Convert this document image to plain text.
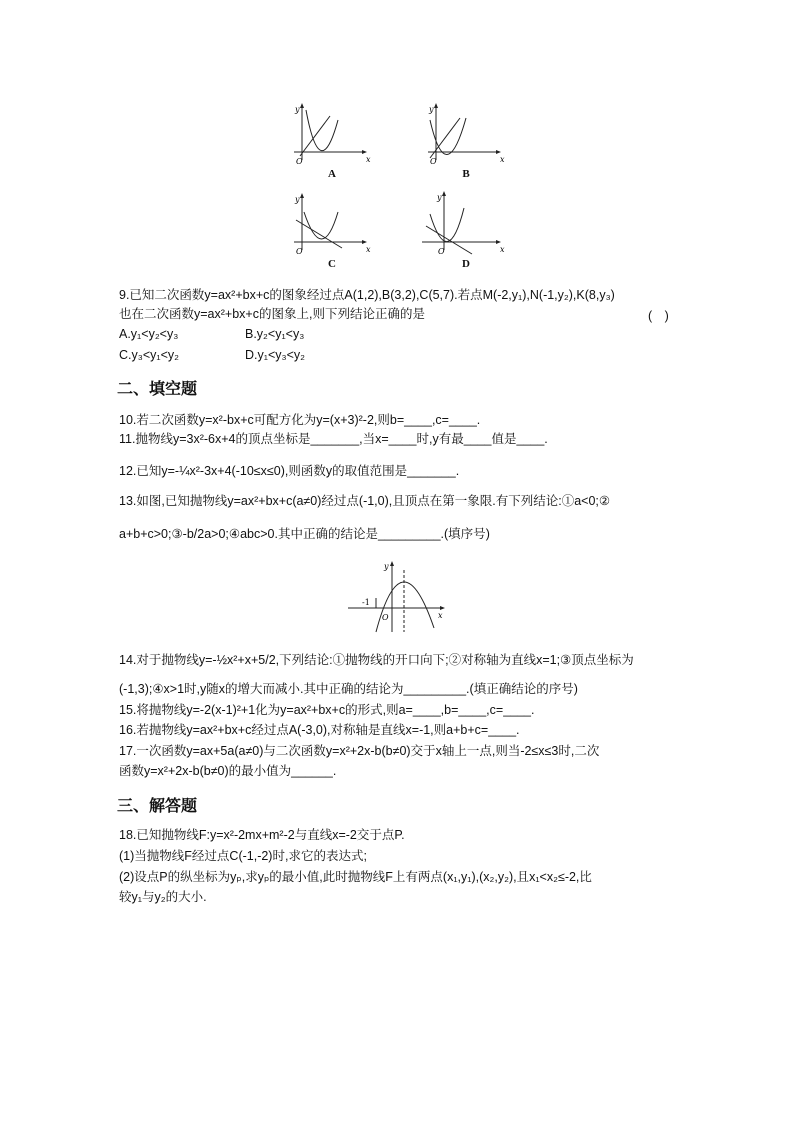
O	x
y
A
O	x
y
B
O	x
y
C
O	x
y
D
9.已知二次函数y=ax²+bx+c的图象经过点A(1,2),B(3,2),C(5,7).若点M(-2,y₁),N(-1,y₂),K(8,y₃)
也在二次函数y=ax²+bx+c的图象上,则下列结论正确的是	(　)
A.y₁<y₂<y₃	B.y₂<y₁<y₃
C.y₃<y₁<y₂	D.y₁<y₃<y₂
二、填空题
10.若二次函数y=x²-bx+c可配方化为y=(x+3)²-2,则b=____,c=____.
11.抛物线y=3x²-6x+4的顶点坐标是_______,当x=____时,y有最____值是____.
12.已知y=-¼x²-3x+4(-10≤x≤0),则函数y的取值范围是_______.
13.如图,已知抛物线y=ax²+bx+c(a≠0)经过点(-1,0),且顶点在第一象限.有下列结论:①a<0;②
a+b+c>0;③-b/2a>0;④abc>0.其中正确的结论是_________.(填序号)
-1
O	x
y
14.对于抛物线y=-½x²+x+5/2,下列结论:①抛物线的开口向下;②对称轴为直线x=1;③顶点坐标为
(-1,3);④x>1时,y随x的增大而减小.其中正确的结论为_________.(填正确结论的序号)
15.将抛物线y=-2(x-1)²+1化为y=ax²+bx+c的形式,则a=____,b=____,c=____.
16.若抛物线y=ax²+bx+c经过点A(-3,0),对称轴是直线x=-1,则a+b+c=____.
17.一次函数y=ax+5a(a≠0)与二次函数y=x²+2x-b(b≠0)交于x轴上一点,则当-2≤x≤3时,二次
函数y=x²+2x-b(b≠0)的最小值为______.
三、解答题
18.已知抛物线F:y=x²-2mx+m²-2与直线x=-2交于点P.
(1)当抛物线F经过点C(-1,-2)时,求它的表达式;
(2)设点P的纵坐标为yₚ,求yₚ的最小值,此时抛物线F上有两点(x₁,y₁),(x₂,y₂),且x₁<x₂≤-2,比
较y₁与y₂的大小.
